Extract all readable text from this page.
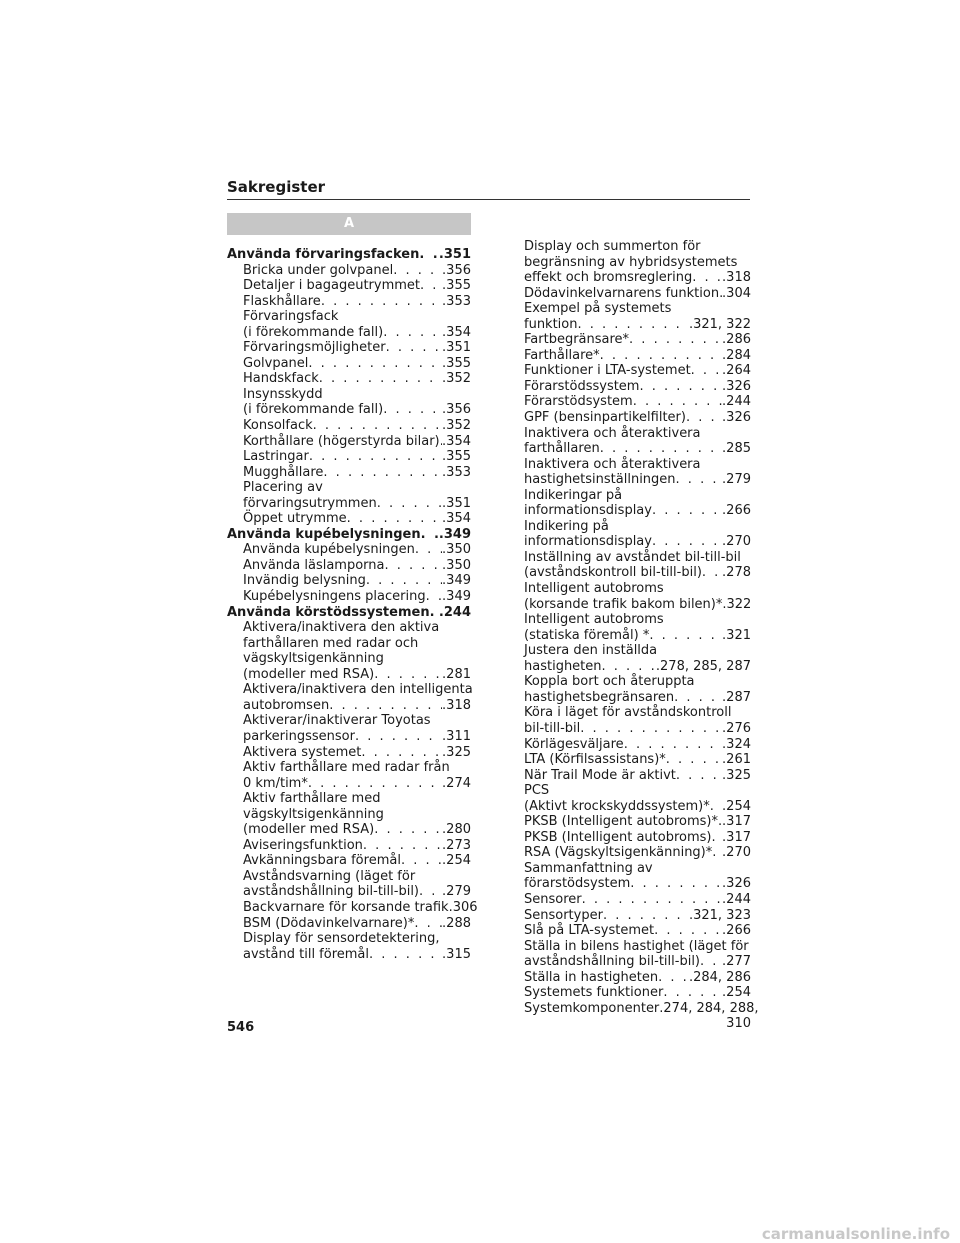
Sakregister
A
Använda förvaringsfacken . . . .351
Bricka under golvpanel . . .	.356
Detaljer i bagageutrymmet . . . .355
Flaskhållare . . .	.353
Förvaringsfack
(i förekommande fall) . . .	.354
Förvaringsmöjligheter . . .	.351
Golvpanel . . .	.355
Handskfack . . .	.352
Insynsskydd
(i förekommande fall) . . .	.356
Konsolfack . . .	.352
Korthållare (högerstyrda bilar) . . . .354
Lastringar . . .	.355
Mugghållare . . .	.353
Placering av
förvaringsutrymmen . . .	.351
Öppet utrymme . . .	.354
Använda kupébelysningen . . . .349
Använda kupébelysningen . . . .350
Använda läslamporna . . .	.350
Invändig belysning . . .	.349
Kupébelysningens placering . . . .349
Använda körstödssystemen . . . .244
Aktivera/inaktivera den aktiva
farthållaren med radar och
vägskyltsigenkänning
(modeller med RSA) . . .	.281
Aktivera/inaktivera den intelligenta
autobromsen . . .	.318
Aktiverar/inaktiverar Toyotas
parkeringssensor . . .	.311
Aktivera systemet . . .	.325
Aktiv farthållare med radar från
0 km/tim* . . .	.274
Aktiv farthållare med
vägskyltsigenkänning
(modeller med RSA) . . .	.280
Aviseringsfunktion . . .	.273
Avkänningsbara föremål . . .	.254
Avståndsvarning (läget för
avståndshållning bil-till-bil) . . . .279
Backvarnare för korsande trafik .306
BSM (Dödavinkelvarnare)* . . . .288
Display för sensordetektering,
avstånd till föremål . . .	.315
Display och summerton för
begränsning av hybridsystemets
effekt och bromsreglering . . . .318
Dödavinkelvarnarens funktion . . . .304
Exempel på systemets
funktion . . .	.321, 322
Fartbegränsare* . . .	.286
Farthållare* . . .	.284
Funktioner i LTA-systemet . . . .264
Förarstödssystem . . .	.326
Förarstödsystem . . .	.244
GPF (bensinpartikelfilter) . . .	.326
Inaktivera och återaktivera
farthållaren . . .	.285
Inaktivera och återaktivera
hastighetsinställningen . . .	.279
Indikeringar på
informationsdisplay . . .	.266
Indikering på
informationsdisplay . . .	.270
Inställning av avståndet bil-till-bil
(avståndskontroll bil-till-bil) . . . .278
Intelligent autobroms
(korsande trafik bakom bilen)* .322
Intelligent autobroms
(statiska föremål) * . . .	.321
Justera den inställda
hastigheten . . .	.278, 285, 287
Koppla bort och återuppta
hastighetsbegränsaren . . .	.287
Köra i läget för avståndskontroll
bil-till-bil . . .	.276
Körlägesväljare . . .	.324
LTA (Körfilsassistans)* . . .	.261
När Trail Mode är aktivt . . .	.325
PCS
(Aktivt krockskyddssystem)* . . . .254
PKSB (Intelligent autobroms)* . . . .317
PKSB (Intelligent autobroms) . . . .317
RSA (Vägskyltsigenkänning)* . . . .270
Sammanfattning av
förarstödsystem . . .	.326
Sensorer . . .	.244
Sensortyper . . .	.321, 323
Slå på LTA-systemet . . .	.266
Ställa in bilens hastighet (läget för
avståndshållning bil-till-bil) . . . .277
Ställa in hastigheten . . . .284, 286
Systemets funktioner . . .	.254
Systemkomponenter .274, 284, 288,
310
546
carmanualsonline.info
